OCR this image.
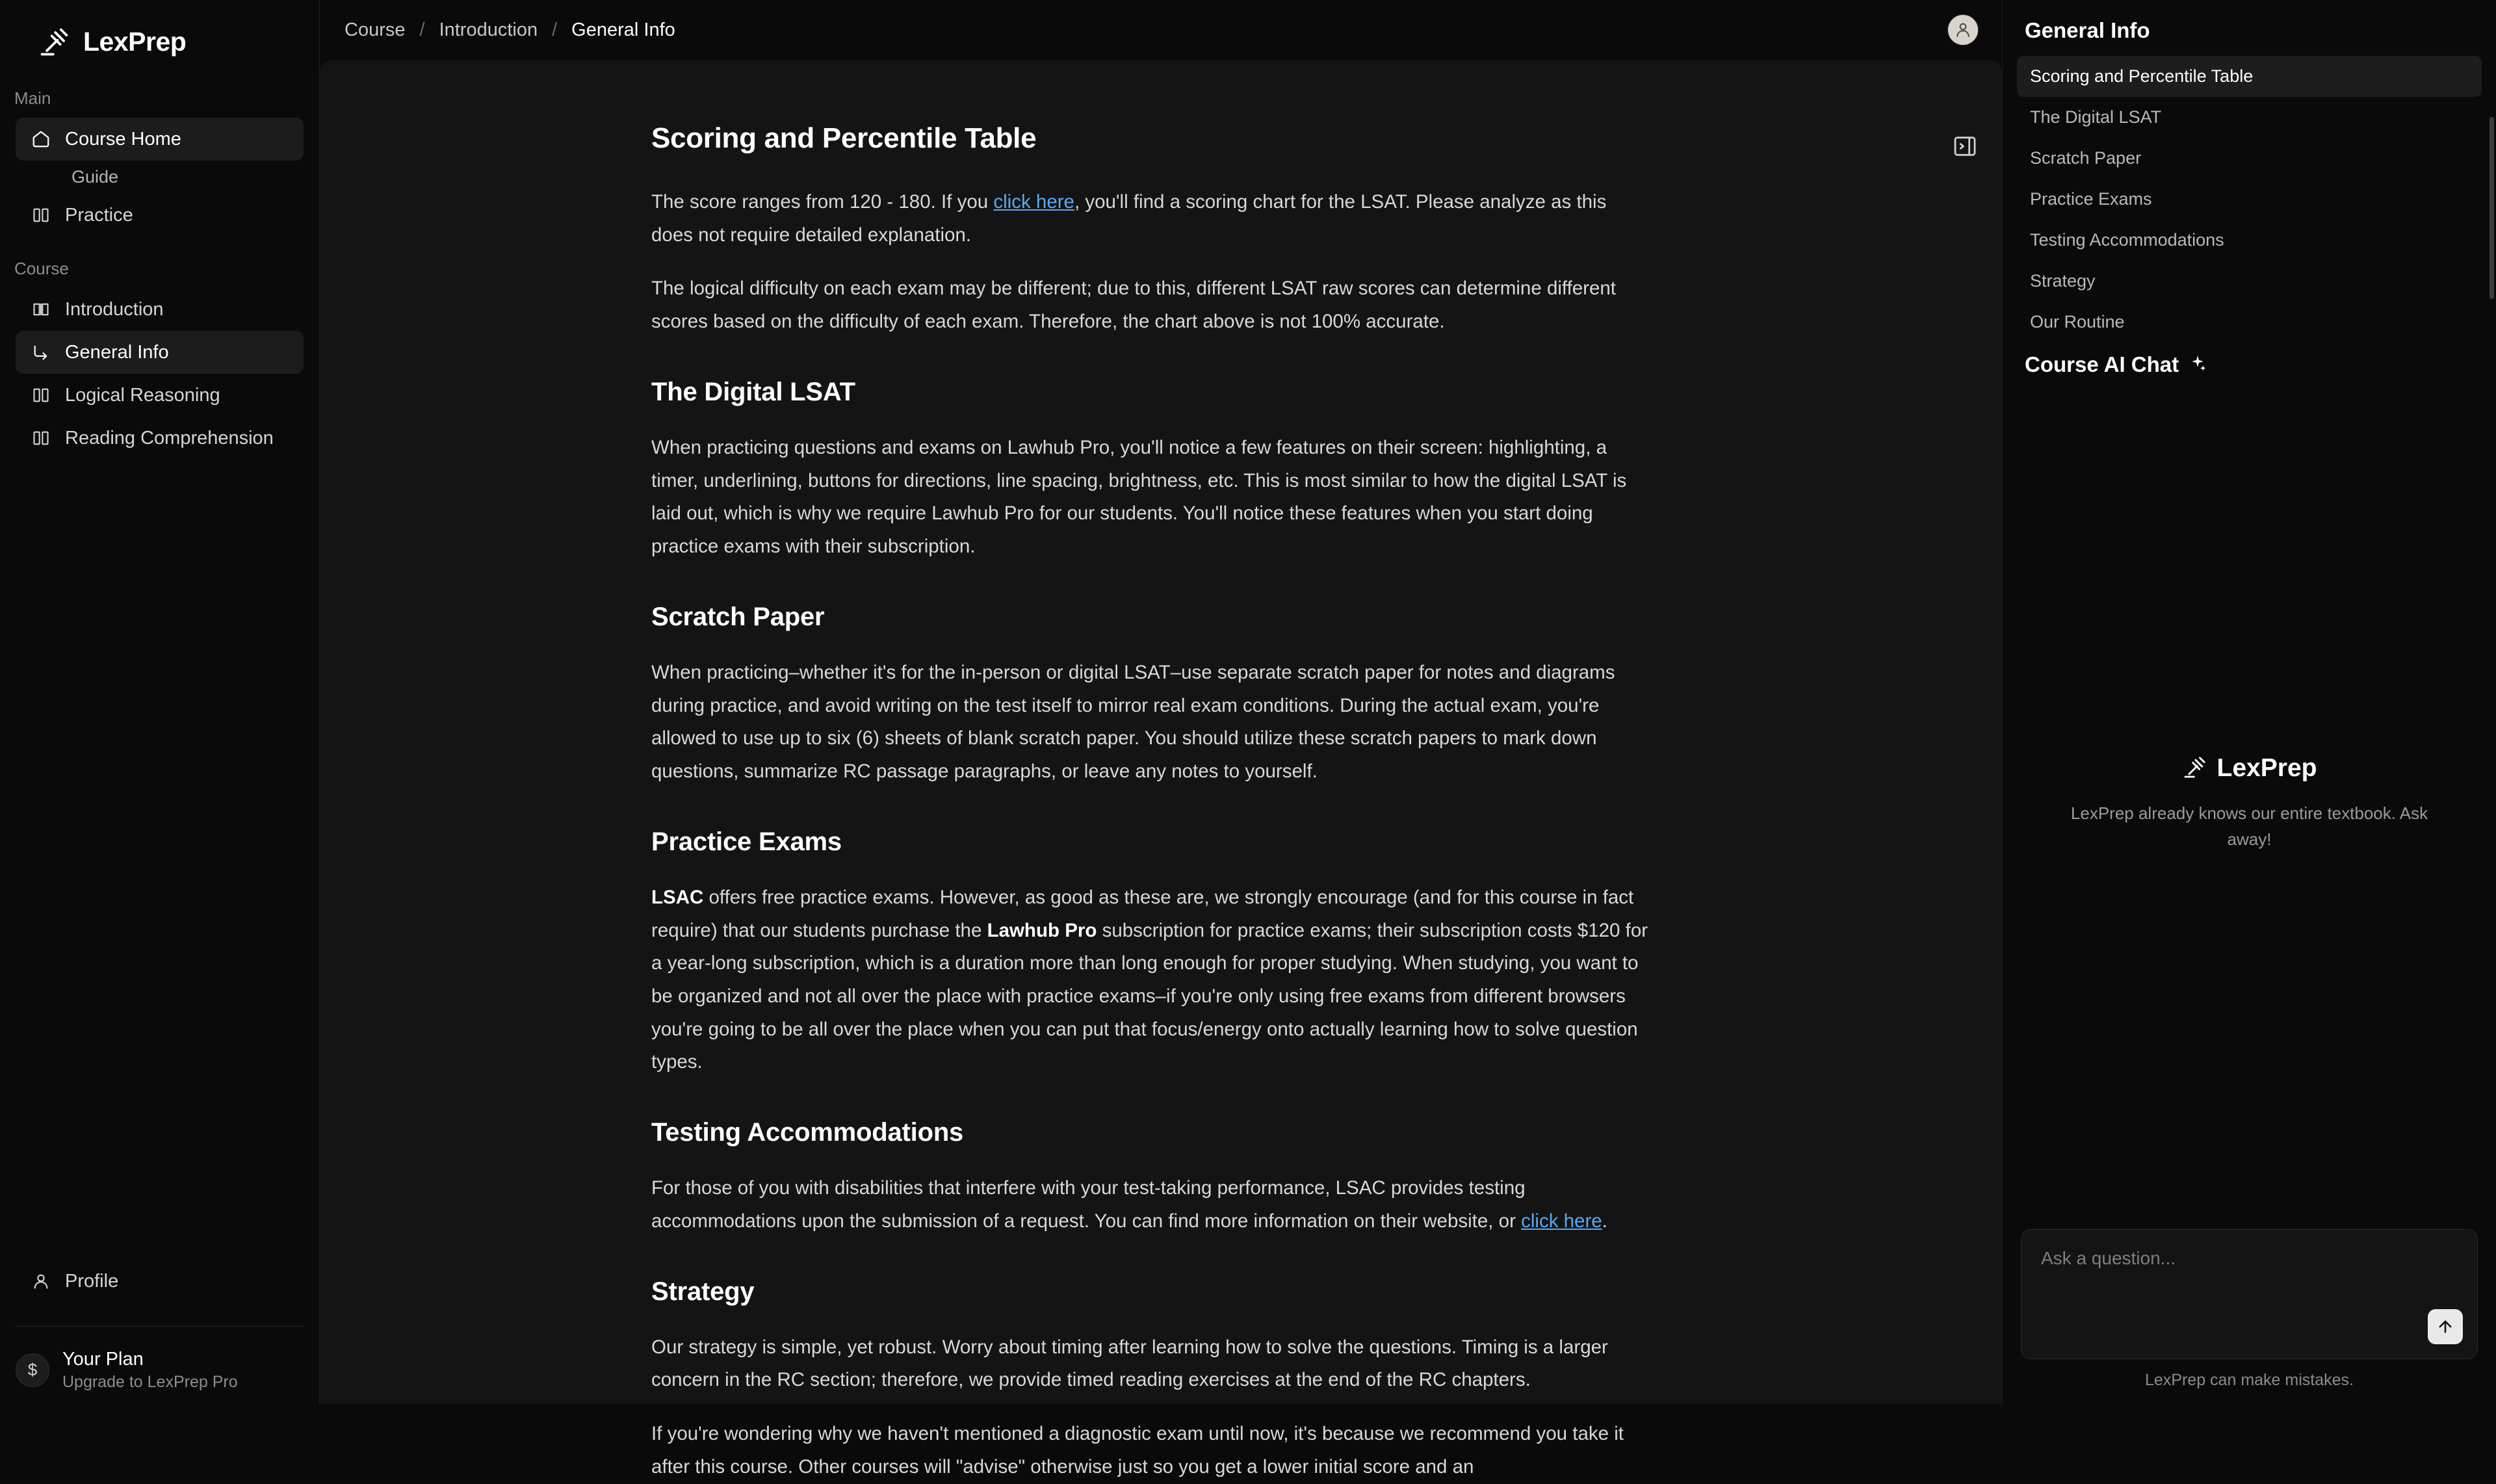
LexPrep
Main
Course Home
Guide
Practice
Course
Introduction
General Info
Logical Reasoning
Reading Comprehension
Profile
$	Your Plan
Upgrade to LexPrep Pro
Course / Introduction / General Info
Scoring and Percentile Table

The score ranges from 120 - 180. If you click here, you'll find a scoring chart for the LSAT. Please analyze as this does not require detailed explanation.

The logical difficulty on each exam may be different; due to this, different LSAT raw scores can determine different scores based on the difficulty of each exam. Therefore, the chart above is not 100% accurate.

The Digital LSAT

When practicing questions and exams on Lawhub Pro, you'll notice a few features on their screen: highlighting, a timer, underlining, buttons for directions, line spacing, brightness, etc. This is most similar to how the digital LSAT is laid out, which is why we require Lawhub Pro for our students. You'll notice these features when you start doing practice exams with their subscription.

Scratch Paper

When practicing–whether it's for the in-person or digital LSAT–use separate scratch paper for notes and diagrams during practice, and avoid writing on the test itself to mirror real exam conditions. During the actual exam, you're allowed to use up to six (6) sheets of blank scratch paper. You should utilize these scratch papers to mark down questions, summarize RC passage paragraphs, or leave any notes to yourself.

Practice Exams

LSAC offers free practice exams. However, as good as these are, we strongly encourage (and for this course in fact require) that our students purchase the Lawhub Pro subscription for practice exams; their subscription costs $120 for a year-long subscription, which is a duration more than long enough for proper studying. When studying, you want to be organized and not all over the place with practice exams–if you're only using free exams from different browsers you're going to be all over the place when you can put that focus/energy onto actually learning how to solve question types.

Testing Accommodations

For those of you with disabilities that interfere with your test-taking performance, LSAC provides testing accommodations upon the submission of a request. You can find more information on their website, or click here.

Strategy

Our strategy is simple, yet robust. Worry about timing after learning how to solve the questions. Timing is a larger concern in the RC section; therefore, we provide timed reading exercises at the end of the RC chapters.

If you're wondering why we haven't mentioned a diagnostic exam until now, it's because we recommend you take it after this course. Other courses will "advise" otherwise just so you get a lower initial score and an

General Info
Scoring and Percentile Table
The Digital LSAT
Scratch Paper
Practice Exams
Testing Accommodations
Strategy
Our Routine
Course AI Chat
LexPrep
LexPrep already knows our entire textbook. Ask away!
Ask a question...
LexPrep can make mistakes.
